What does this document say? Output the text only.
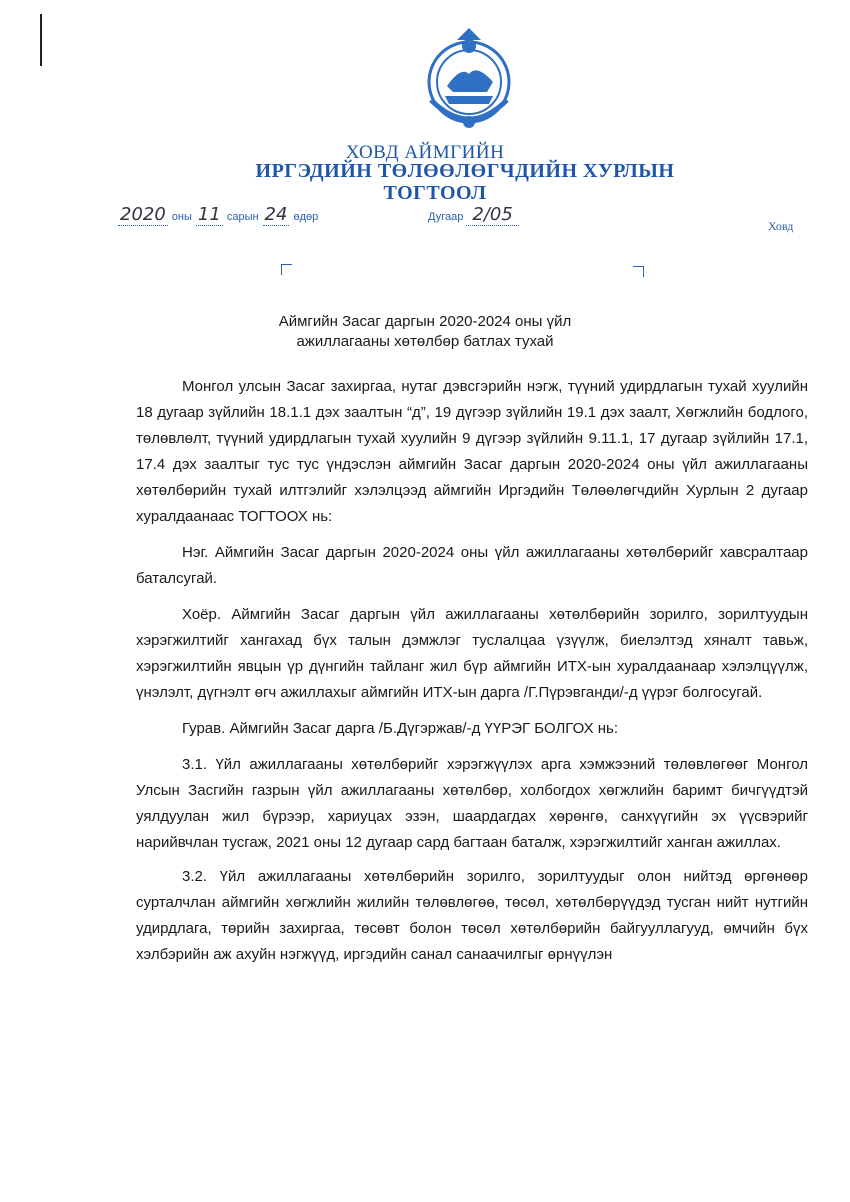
ХОВД АЙМГИЙН
ИРГЭДИЙН ТӨЛӨӨЛӨГЧДИЙН ХУРЛЫН
ТОГТООЛ
2020 оны 11 сарын 24 өдөр	Дугаар 2/05
Ховд
Аймгийн Засаг даргын 2020-2024 оны үйл
ажиллагааны хөтөлбөр батлах тухай

Монгол улсын Засаг захиргаа, нутаг дэвсгэрийн нэгж, түүний удирдлагын тухай хуулийн 18 дугаар зүйлийн 18.1.1 дэх заалтын “д”, 19 дүгээр зүйлийн 19.1 дэх заалт, Хөгжлийн бодлого, төлөвлөлт, түүний удирдлагын тухай хуулийн 9 дүгээр зүйлийн 9.11.1, 17 дугаар зүйлийн 17.1, 17.4 дэх заалтыг тус тус үндэслэн аймгийн Засаг даргын 2020-2024 оны үйл ажиллагааны хөтөлбөрийн тухай илтгэлийг хэлэлцээд аймгийн Иргэдийн Төлөөлөгчдийн Хурлын 2 дугаар хуралдаанаас ТОГТООХ нь:

Нэг. Аймгийн Засаг даргын 2020-2024 оны үйл ажиллагааны хөтөлбөрийг хавсралтаар баталсугай.

Хоёр. Аймгийн Засаг даргын үйл ажиллагааны хөтөлбөрийн зорилго, зорилтуудын хэрэгжилтийг хангахад бүх талын дэмжлэг туслалцаа үзүүлж, биелэлтэд хяналт тавьж, хэрэгжилтийн явцын үр дүнгийн тайланг жил бүр аймгийн ИТХ-ын хуралдаанаар хэлэлцүүлж, үнэлэлт, дүгнэлт өгч ажиллахыг аймгийн ИТХ-ын дарга /Г.Пүрэвганди/-д үүрэг болгосугай.

Гурав. Аймгийн Засаг дарга /Б.Дүгэржав/-д ҮҮРЭГ БОЛГОХ нь:

3.1. Үйл ажиллагааны хөтөлбөрийг хэрэгжүүлэх арга хэмжээний төлөвлөгөөг Монгол Улсын Засгийн газрын үйл ажиллагааны хөтөлбөр, холбогдох хөгжлийн баримт бичгүүдтэй уялдуулан жил бүрээр, хариуцах эзэн, шаардагдах хөрөнгө, санхүүгийн эх үүсвэрийг нарийвчлан тусгаж, 2021 оны 12 дугаар сард багтаан баталж, хэрэгжилтийг ханган ажиллах.

3.2. Үйл ажиллагааны хөтөлбөрийн зорилго, зорилтуудыг олон нийтэд өргөнөөр сурталчлан аймгийн хөгжлийн жилийн төлөвлөгөө, төсөл, хөтөлбөрүүдэд тусган нийт нутгийн удирдлага, төрийн захиргаа, төсөвт болон төсөл хөтөлбөрийн байгууллагууд, өмчийн бүх хэлбэрийн аж ахуйн нэгжүүд, иргэдийн санал санаачилгыг өрнүүлэн
